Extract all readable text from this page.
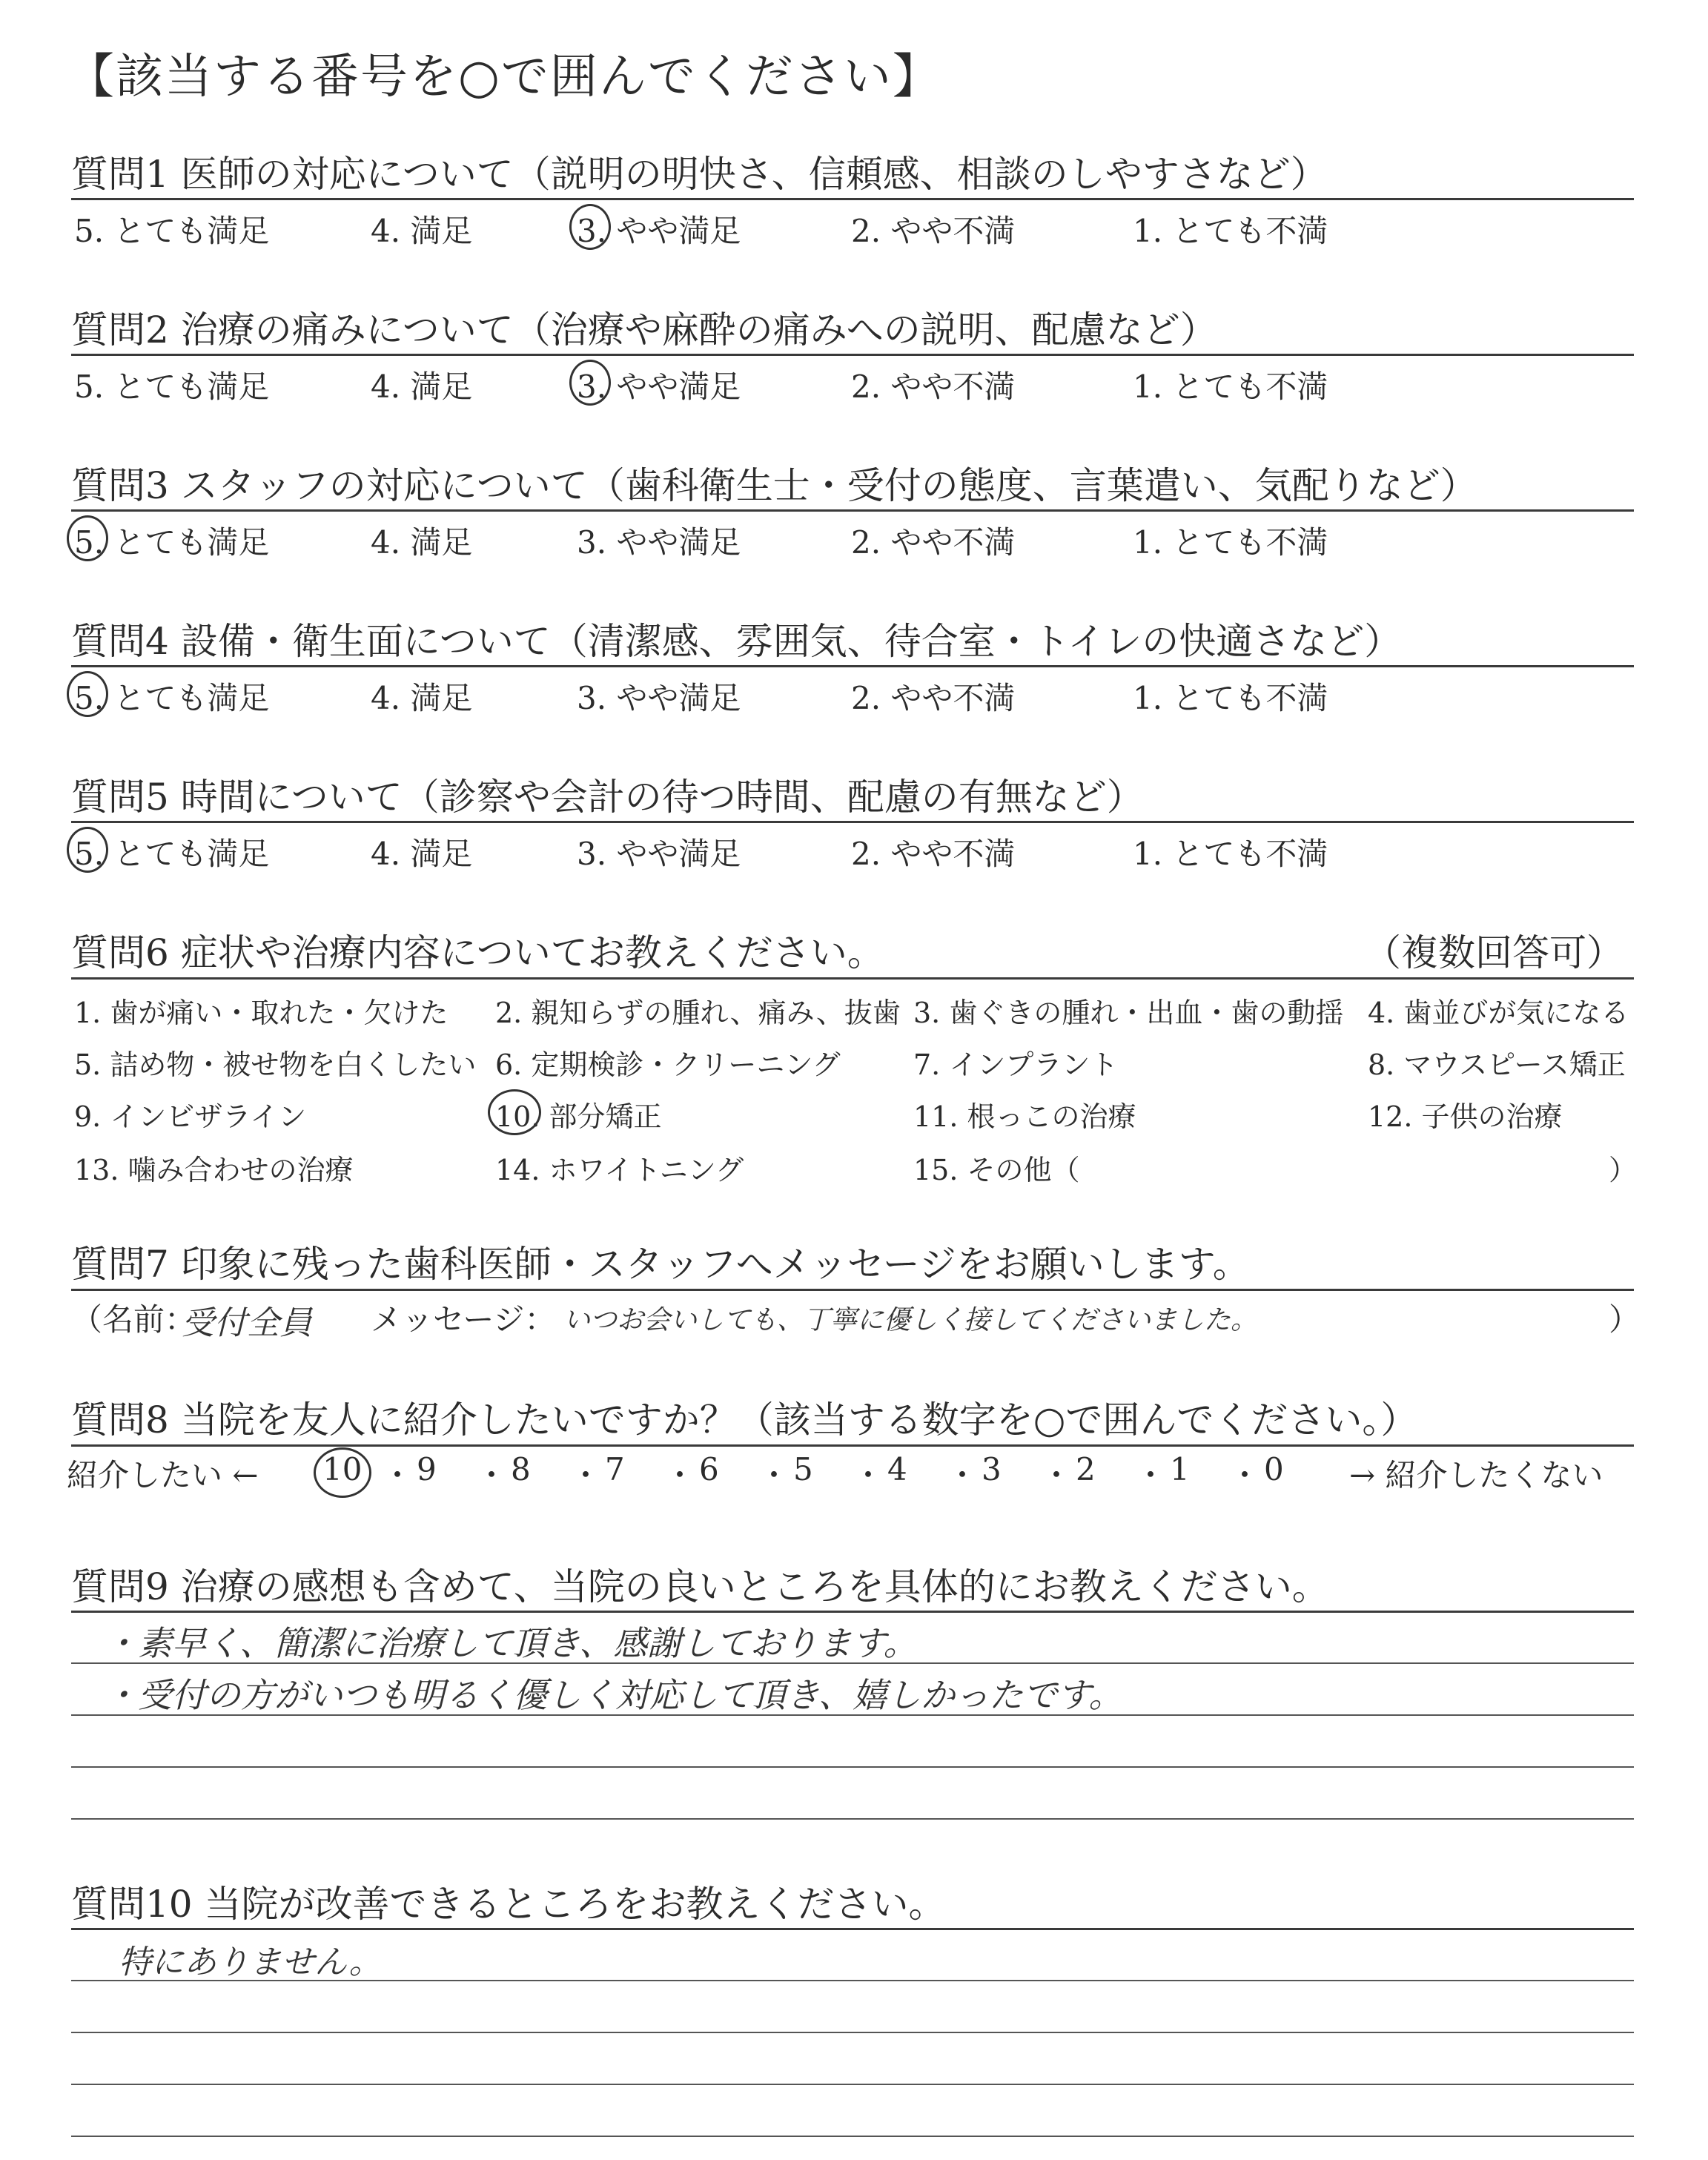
【該当する番号を○で囲んでください】
質問1 医師の対応について（説明の明快さ、信頼感、相談のしやすさなど）
5. とても満足	4. 満足	3. やや満足	2. やや不満	1. とても不満
質問2 治療の痛みについて（治療や麻酔の痛みへの説明、配慮など）
5. とても満足	4. 満足	3. やや満足	2. やや不満	1. とても不満
質問3 スタッフの対応について（歯科衛生士・受付の態度、言葉遣い、気配りなど）
5. とても満足	4. 満足	3. やや満足	2. やや不満	1. とても不満
質問4 設備・衛生面について（清潔感、雰囲気、待合室・トイレの快適さなど）
5. とても満足	4. 満足	3. やや満足	2. やや不満	1. とても不満
質問5 時間について（診察や会計の待つ時間、配慮の有無など）
5. とても満足	4. 満足	3. やや満足	2. やや不満	1. とても不満
質問6 症状や治療内容についてお教えください。	（複数回答可）
1. 歯が痛い・取れた・欠けた 2. 親知らずの腫れ、痛み、抜歯 3. 歯ぐきの腫れ・出血・歯の動揺 4. 歯並びが気になる
5. 詰め物・被せ物を白くしたい 6. 定期検診・クリーニング	7. インプラント	8. マウスピース矯正
9. インビザライン	10. 部分矯正	11. 根っこの治療	12. 子供の治療
13. 噛み合わせの治療	14. ホワイトニング	15. その他（	）
質問7 印象に残った歯科医師・スタッフへメッセージをお願いします。
（名前：
受付全員 メッセージ： いつお会いしても、丁寧に優しく接してくださいました。	）
質問8 当院を友人に紹介したいですか？（該当する数字を○で囲んでください。）
紹介したい ← 10 ・ 9 ・ 8 ・ 7 ・ 6 ・ 5 ・ 4 ・ 3 ・ 2 ・ 1 ・ 0 → 紹介したくない
質問9 治療の感想も含めて、当院の良いところを具体的にお教えください。
・素早く、簡潔に治療して頂き、感謝しております。
・受付の方がいつも明るく優しく対応して頂き、嬉しかったです。
質問10 当院が改善できるところをお教えください。
特にありません。
